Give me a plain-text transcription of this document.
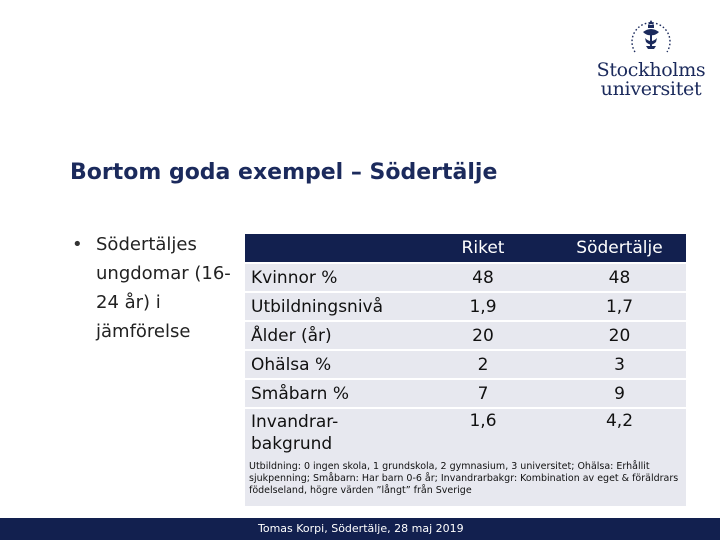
Stockholms
universitet
Bortom goda exempel – Södertälje
• Södertäljes ungdomar (16-24 år) i jämförelse
	Riket	Södertälje
Kvinnor %	48	48
Utbildningsnivå	1,9	1,7
Ålder (år)	20	20
Ohälsa %	2	3
Småbarn %	7	9
Invandrar-bakgrund	1,6	4,2

Utbildning: 0 ingen skola, 1 grundskola, 2 gymnasium, 3 universitet; Ohälsa: Erhållit sjukpenning; Småbarn: Har barn 0-6 år; Invandrarbakgr: Kombination av eget & föräldrars födelseland, högre värden ”långt” från Sverige

Tomas Korpi, Södertälje, 28 maj 2019
